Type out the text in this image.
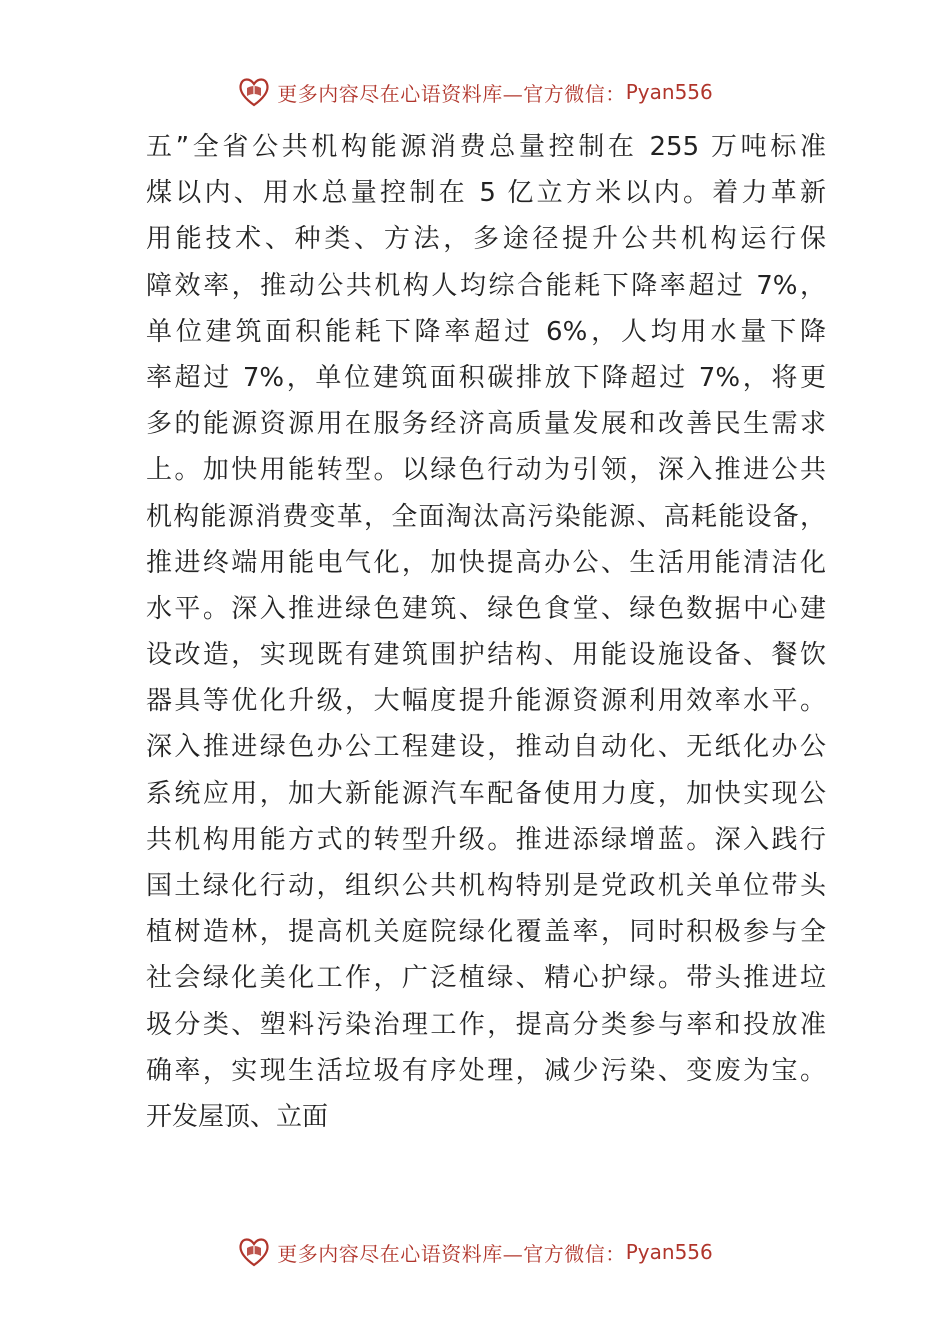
更多内容尽在心语资料库—官方微信： Pyan556
五”全省公共机构能源消费总量控制在 255 万吨标准
煤以内、用水总量控制在 5 亿立方米以内。着力革新
用能技术、种类、方法，多途径提升公共机构运行保
障效率，推动公共机构人均综合能耗下降率超过 7%，
单位建筑面积能耗下降率超过 6%，人均用水量下降
率超过 7%，单位建筑面积碳排放下降超过 7%，将更
多的能源资源用在服务经济高质量发展和改善民生需求
上。加快用能转型。以绿色行动为引领，深入推进公共
机构能源消费变革，全面淘汰高污染能源、高耗能设备，
推进终端用能电气化，加快提高办公、生活用能清洁化
水平。深入推进绿色建筑、绿色食堂、绿色数据中心建
设改造，实现既有建筑围护结构、用能设施设备、餐饮
器具等优化升级，大幅度提升能源资源利用效率水平。
深入推进绿色办公工程建设，推动自动化、无纸化办公
系统应用，加大新能源汽车配备使用力度，加快实现公
共机构用能方式的转型升级。推进添绿增蓝。深入践行
国土绿化行动，组织公共机构特别是党政机关单位带头
植树造林，提高机关庭院绿化覆盖率，同时积极参与全
社会绿化美化工作，广泛植绿、精心护绿。带头推进垃
圾分类、塑料污染治理工作，提高分类参与率和投放准
确率，实现生活垃圾有序处理，减少污染、变废为宝。
开发屋顶、立面
更多内容尽在心语资料库—官方微信： Pyan556
